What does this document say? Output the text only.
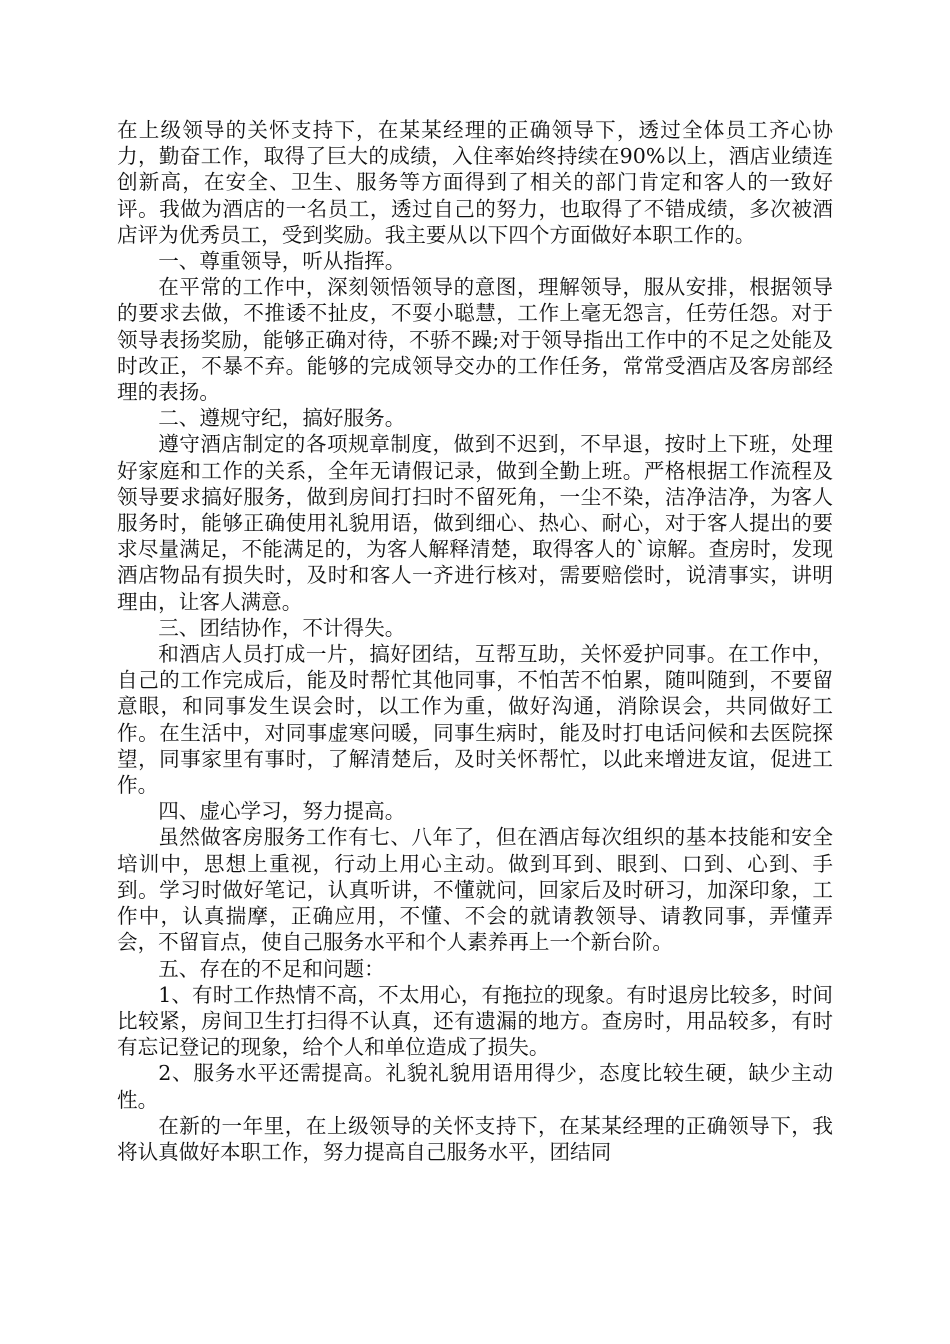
在上级领导的关怀支持下，在某某经理的正确领导下，透过全体员工齐心协力，勤奋工作，取得了巨大的成绩，入住率始终持续在90%以上，酒店业绩连创新高，在安全、卫生、服务等方面得到了相关的部门肯定和客人的一致好评。我做为酒店的一名员工，透过自己的努力，也取得了不错成绩，多次被酒店评为优秀员工，受到奖励。我主要从以下四个方面做好本职工作的。

一、尊重领导，听从指挥。

在平常的工作中，深刻领悟领导的意图，理解领导，服从安排，根据领导的要求去做，不推诿不扯皮，不耍小聪慧，工作上毫无怨言，任劳任怨。对于领导表扬奖励，能够正确对待，不骄不躁;对于领导指出工作中的不足之处能及时改正，不暴不弃。能够的完成领导交办的工作任务，常常受酒店及客房部经理的表扬。

二、遵规守纪，搞好服务。

遵守酒店制定的各项规章制度，做到不迟到，不早退，按时上下班，处理好家庭和工作的关系，全年无请假记录，做到全勤上班。严格根据工作流程及领导要求搞好服务，做到房间打扫时不留死角，一尘不染，洁净洁净，为客人服务时，能够正确使用礼貌用语，做到细心、热心、耐心，对于客人提出的要求尽量满足，不能满足的，为客人解释清楚，取得客人的`谅解。查房时，发现酒店物品有损失时，及时和客人一齐进行核对，需要赔偿时，说清事实，讲明理由，让客人满意。

三、团结协作，不计得失。

和酒店人员打成一片，搞好团结，互帮互助，关怀爱护同事。在工作中，自己的工作完成后，能及时帮忙其他同事，不怕苦不怕累，随叫随到，不要留意眼，和同事发生误会时，以工作为重，做好沟通，消除误会，共同做好工作。在生活中，对同事虚寒问暖，同事生病时，能及时打电话问候和去医院探望，同事家里有事时，了解清楚后，及时关怀帮忙，以此来增进友谊，促进工作。

四、虚心学习，努力提高。

虽然做客房服务工作有七、八年了，但在酒店每次组织的基本技能和安全培训中，思想上重视，行动上用心主动。做到耳到、眼到、口到、心到、手到。学习时做好笔记，认真听讲，不懂就问，回家后及时研习，加深印象，工作中，认真揣摩，正确应用，不懂、不会的就请教领导、请教同事，弄懂弄会，不留盲点，使自己服务水平和个人素养再上一个新台阶。

五、存在的不足和问题：

1、有时工作热情不高，不太用心，有拖拉的现象。有时退房比较多，时间比较紧，房间卫生打扫得不认真，还有遗漏的地方。查房时，用品较多，有时有忘记登记的现象，给个人和单位造成了损失。

2、服务水平还需提高。礼貌礼貌用语用得少，态度比较生硬，缺少主动性。

在新的一年里，在上级领导的关怀支持下，在某某经理的正确领导下，我将认真做好本职工作，努力提高自己服务水平，团结同
